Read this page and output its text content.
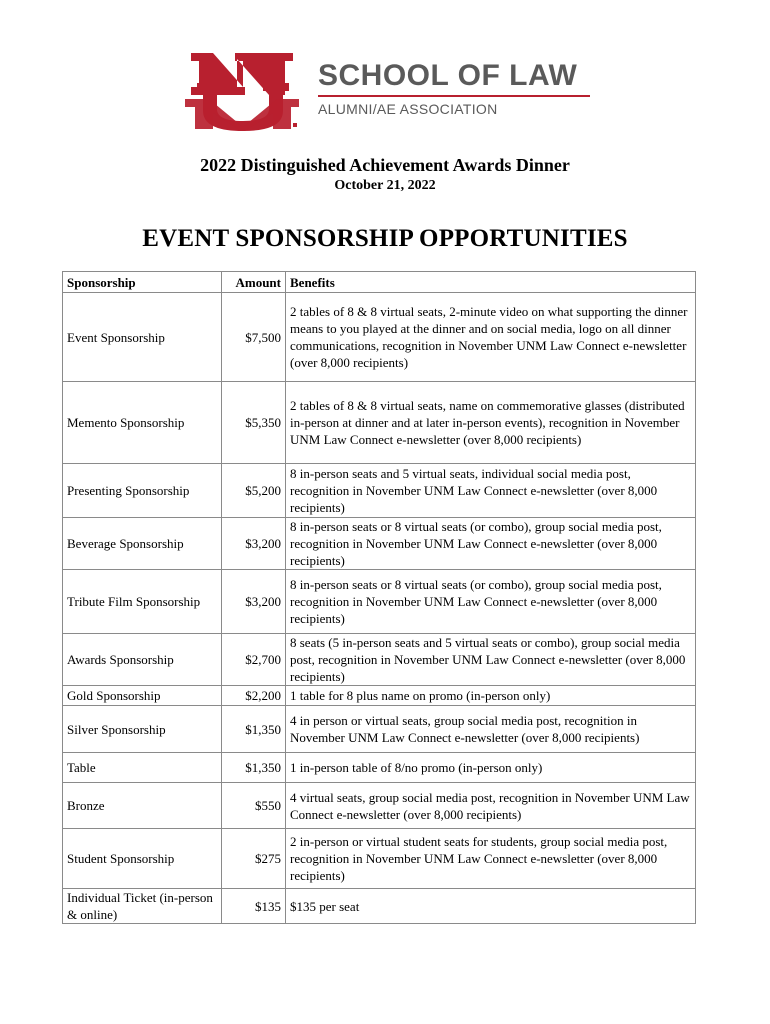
SCHOOL OF LAW
ALUMNI/AE ASSOCIATION
2022 Distinguished Achievement Awards Dinner
October 21, 2022
EVENT SPONSORSHIP OPPORTUNITIES
Sponsorship	Amount	Benefits
Event Sponsorship	$7,500	2 tables of 8 & 8 virtual seats, 2-minute video on what supporting the dinner means to you played at the dinner and on social media, logo on all dinner communications, recognition in November UNM Law Connect e-newsletter (over 8,000 recipients)
Memento Sponsorship	$5,350	2 tables of 8 & 8 virtual seats, name on commemorative glasses (distributed in-person at dinner and at later in-person events), recognition in November UNM Law Connect e-newsletter (over 8,000 recipients)
Presenting Sponsorship	$5,200	8 in-person seats and 5 virtual seats, individual social media post, recognition in November UNM Law Connect e-newsletter (over 8,000 recipients)
Beverage Sponsorship	$3,200	8 in-person seats or 8 virtual seats (or combo), group social media post, recognition in November UNM Law Connect e-newsletter (over 8,000 recipients)
Tribute Film Sponsorship	$3,200	8 in-person seats or 8 virtual seats (or combo), group social media post, recognition in November UNM Law Connect e-newsletter (over 8,000 recipients)
Awards Sponsorship	$2,700	8 seats (5 in-person seats and 5 virtual seats or combo), group social media post, recognition in November UNM Law Connect e-newsletter (over 8,000 recipients)
Gold Sponsorship	$2,200	1 table for 8 plus name on promo (in-person only)
Silver Sponsorship	$1,350	4 in person or virtual seats, group social media post, recognition in November UNM Law Connect e-newsletter (over 8,000 recipients)
Table	$1,350	1 in-person table of 8/no promo (in-person only)
Bronze	$550	4 virtual seats, group social media post, recognition in November UNM Law Connect e-newsletter (over 8,000 recipients)
Student Sponsorship	$275	2 in-person or virtual student seats for students, group social media post, recognition in November UNM Law Connect e-newsletter (over 8,000 recipients)
Individual Ticket (in-person & online)	$135	$135 per seat
